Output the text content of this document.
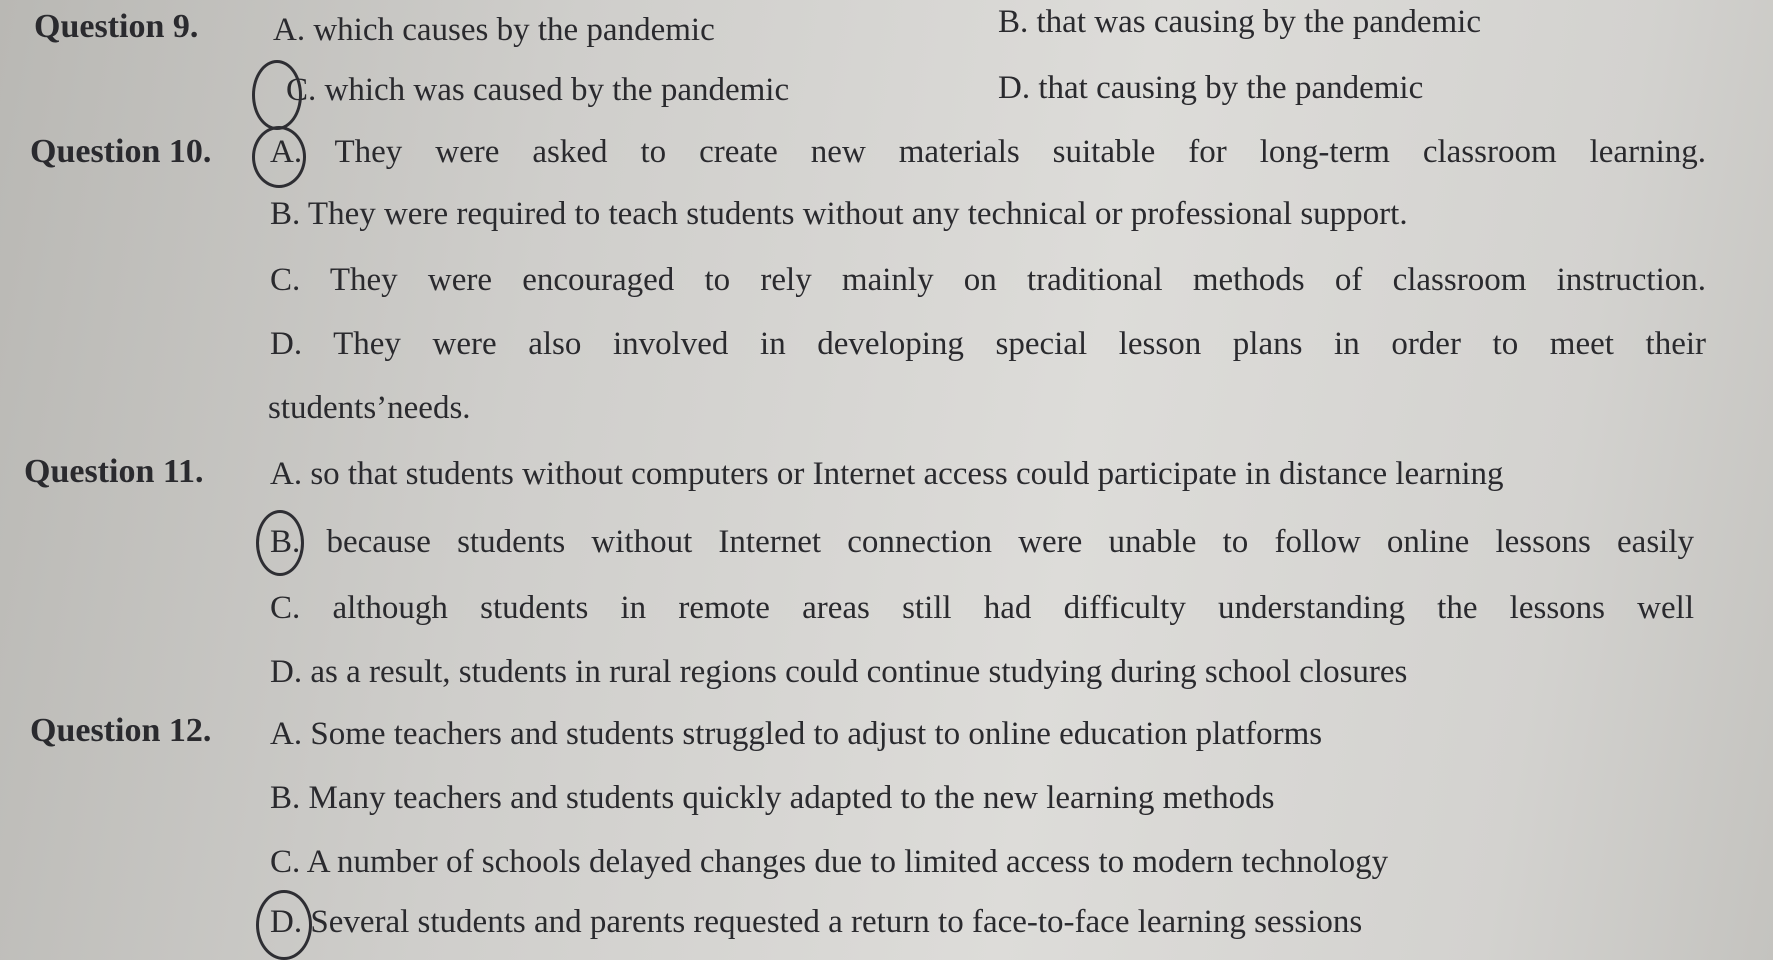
Question 9. A. which causes by the pandemic	B. that was causing by the pandemic
C. which was caused by the pandemic	D. that causing by the pandemic
Question 10. A. They were asked to create new materials suitable for long-term classroom learning.
B. They were required to teach students without any technical or professional support.
C. They were encouraged to rely mainly on traditional methods of classroom instruction.
D. They were also involved in developing special lesson plans in order to meet their
students’needs.
Question 11. A. so that students without computers or Internet access could participate in distance learning
B. because students without Internet connection were unable to follow online lessons easily
C. although students in remote areas still had difficulty understanding the lessons well
D. as a result, students in rural regions could continue studying during school closures
Question 12. A. Some teachers and students struggled to adjust to online education platforms
B. Many teachers and students quickly adapted to the new learning methods
C. A number of schools delayed changes due to limited access to modern technology
D. Several students and parents requested a return to face-to-face learning sessions
